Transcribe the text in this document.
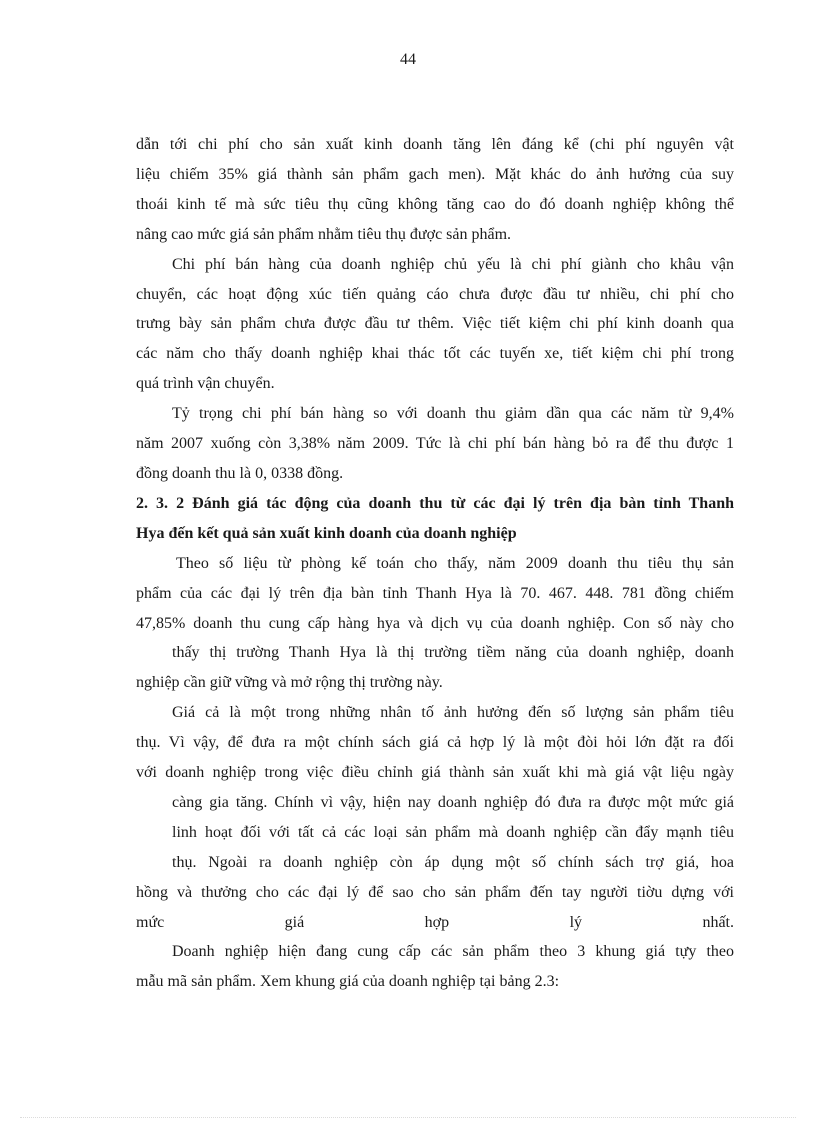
44
dẫn tới chi phí cho sản xuất kinh doanh tăng lên đáng kể (chi phí nguyên vật
liệu chiếm 35% giá thành sản phẩm gach men). Mặt khác do ảnh hưởng của suy
thoái kinh tế mà sức tiêu thụ cũng không tăng cao do đó doanh nghiệp không thể
nâng cao mức giá sản phẩm nhằm tiêu thụ được sản phẩm.
Chi phí bán hàng của doanh nghiệp chủ yếu là chi phí giành cho khâu vận
chuyển, các hoạt động xúc tiến quảng cáo chưa được đầu tư nhiều, chi phí cho
trưng bày sản phẩm chưa được đầu tư thêm. Việc tiết kiệm chi phí kinh doanh qua
các năm cho thấy doanh nghiệp khai thác tốt các tuyến xe, tiết kiệm chi phí trong
quá trình vận chuyển.
Tỷ trọng chi phí bán hàng so với doanh thu giảm dần qua các năm từ 9,4%
năm 2007 xuống còn 3,38% năm 2009. Tức là chi phí bán hàng bỏ ra để thu được 1
đồng doanh thu là 0, 0338 đồng.
2. 3. 2 Đánh giá tác động của doanh thu từ các đại lý trên địa bàn tỉnh Thanh
Hуa đến kết quả sản xuất kinh doanh của doanh nghiệp
Theo số liệu từ phòng kế toán cho thấy, năm 2009 doanh thu tiêu thụ sản
phẩm của các đại lý trên địa bàn tỉnh Thanh Hуa là 70. 467. 448. 781 đồng chiếm
47,85% doanh thu cung cấp hàng hуa và dịch vụ của doanh nghiệp. Con số này cho
thấy thị trường Thanh Hуa là thị trường tiềm năng của doanh nghiệp, doanh
nghiệp cần giữ vững và mở rộng thị trường này.
Giá cả là một trong những nhân tố ảnh hưởng đến số lượng sản phẩm tiêu
thụ. Vì vậy, để đưa ra một chính sách giá cả hợp lý là một đòi hỏi lớn đặt ra đối
với doanh nghiệp trong việc điều chỉnh giá thành sản xuất khi mà giá vật liệu ngày
càng gia tăng. Chính vì vậy, hiện nay doanh nghiệp đó đưa ra được một mức giá
linh hoạt đối với tất cả các loại sản phẩm mà doanh nghiệp cần đẩy mạnh tiêu
thụ. Ngoài ra doanh nghiệp còn áp dụng một số chính sách trợ giá, hoa
hồng và thưởng cho các đại lý để sao cho sản phẩm đến tay người tiờu dựng với
mức giá hợp lý nhất.
Doanh nghiệp hiện đang cung cấp các sản phẩm theo 3 khung giá tựy theo
mẫu mã sản phẩm. Xem khung giá của doanh nghiệp tại bảng 2.3:
